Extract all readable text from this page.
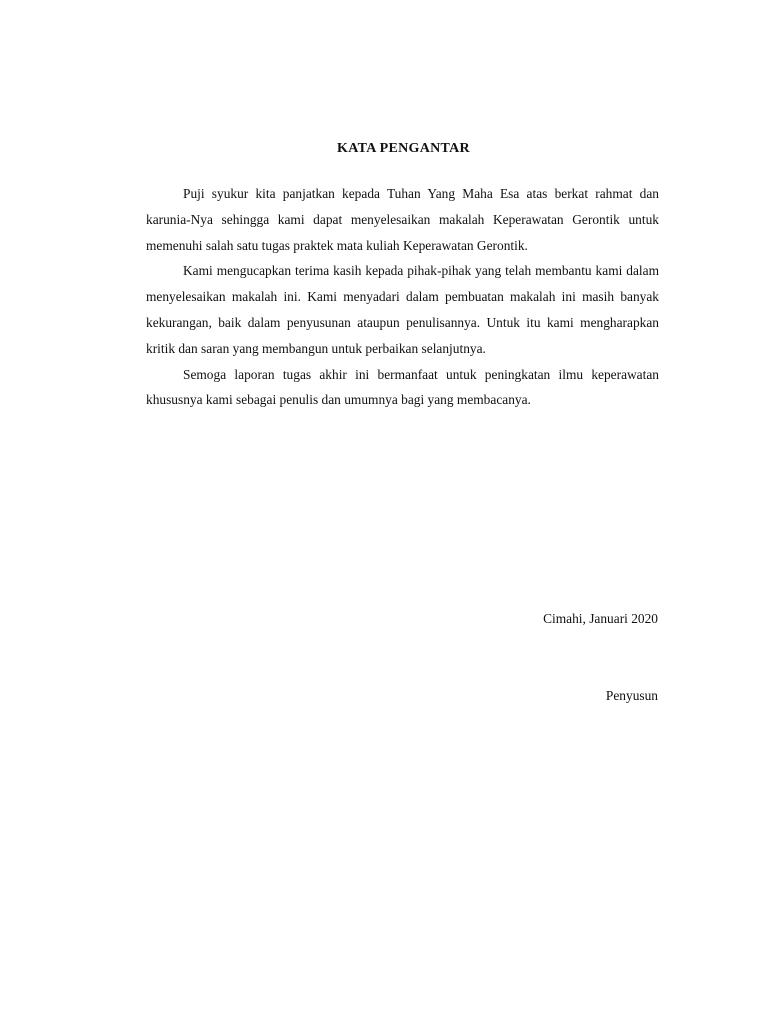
KATA PENGANTAR

Puji syukur kita panjatkan kepada Tuhan Yang Maha Esa atas berkat rahmat dan karunia-Nya sehingga kami dapat menyelesaikan makalah Keperawatan Gerontik untuk memenuhi salah satu tugas praktek mata kuliah Keperawatan Gerontik.

Kami mengucapkan terima kasih kepada pihak-pihak yang telah membantu kami dalam menyelesaikan makalah ini. Kami menyadari dalam pembuatan makalah ini masih banyak kekurangan, baik dalam penyusunan ataupun penulisannya. Untuk itu kami mengharapkan kritik dan saran yang membangun untuk perbaikan selanjutnya.

Semoga laporan tugas akhir ini bermanfaat untuk peningkatan ilmu keperawatan khususnya kami sebagai penulis dan umumnya bagi yang membacanya.

Cimahi, Januari 2020

Penyusun
